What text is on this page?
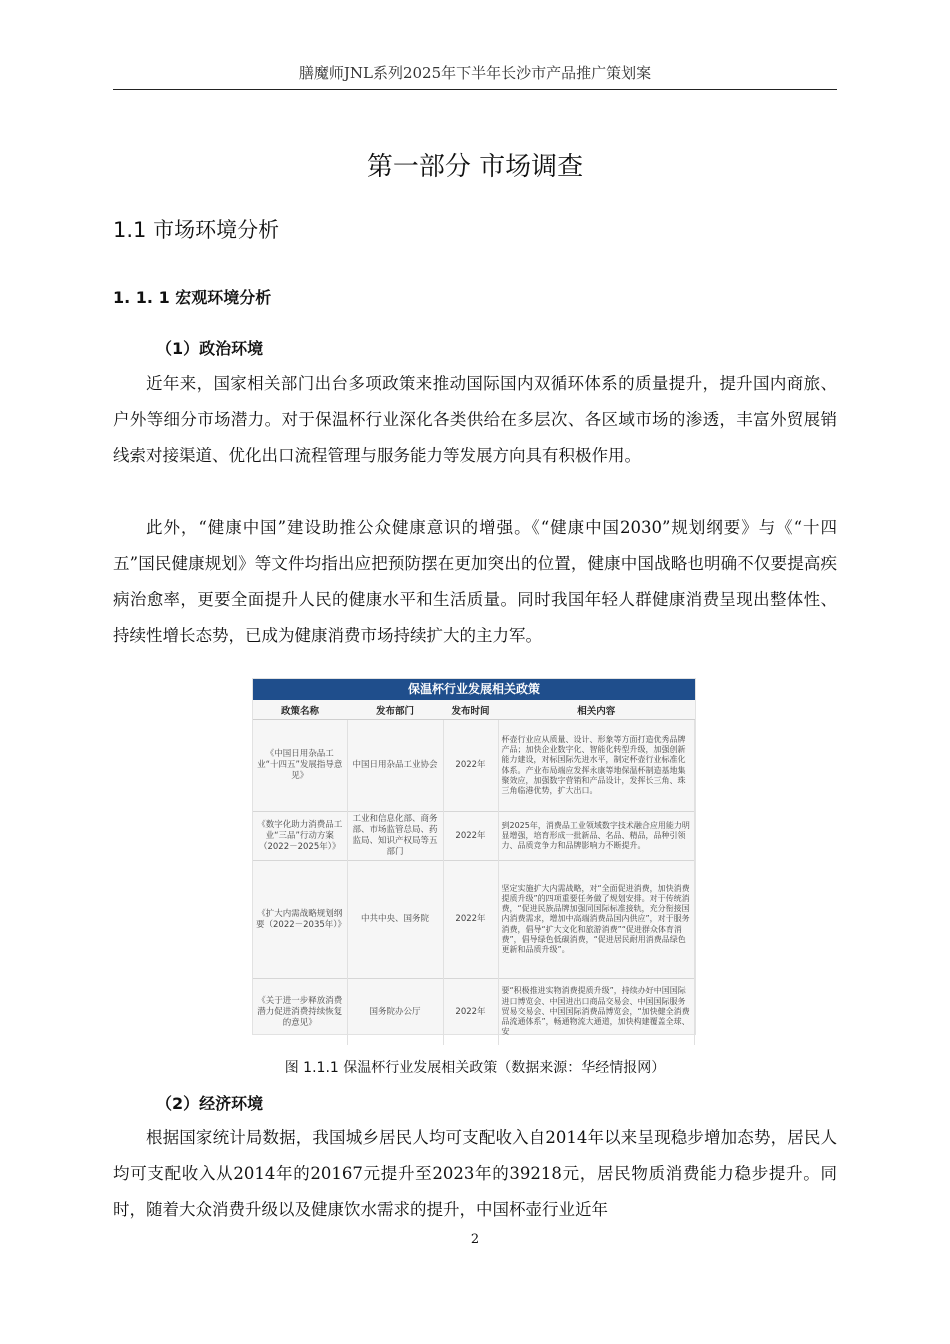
膳魔师JNL系列2025年下半年长沙市产品推广策划案
第一部分 市场调查
1.1 市场环境分析
1. 1. 1 宏观环境分析
（1）政治环境

近年来，国家相关部门出台多项政策来推动国际国内双循环体系的质量提升，提升国内商旅、户外等细分市场潜力。对于保温杯行业深化各类供给在多层次、各区域市场的渗透，丰富外贸展销线索对接渠道、优化出口流程管理与服务能力等发展方向具有积极作用。

此外，“健康中国”建设助推公众健康意识的增强。《“健康中国2030”规划纲要》与《“十四五”国民健康规划》等文件均指出应把预防摆在更加突出的位置，健康中国战略也明确不仅要提高疾病治愈率，更要全面提升人民的健康水平和生活质量。同时我国年轻人群健康消费呈现出整体性、持续性增长态势，已成为健康消费市场持续扩大的主力军。

保温杯行业发展相关政策
政策名称	发布部门	发布时间	相关内容
《中国日用杂品工业“十四五”发展指导意见》	中国日用杂品工业协会	2022年	杯壶行业应从质量、设计、形象等方面打造优秀品牌产品；加快企业数字化、智能化转型升级，加强创新能力建设，对标国际先进水平，制定杯壶行业标准化体系。产业布局端应发挥永康等地保温杯制造基地集聚效应，加强数字营销和产品设计，发挥长三角、珠三角临港优势，扩大出口。
《数字化助力消费品工业“三品”行动方案（2022－2025年）》	工业和信息化部、商务部、市场监管总局、药监局、知识产权局等五部门	2022年	到2025年，消费品工业领域数字技术融合应用能力明显增强，培育形成一批新品、名品、精品，品种引领力、品质竞争力和品牌影响力不断提升。
《扩大内需战略规划纲要（2022－2035年）》	中共中央、国务院	2022年	坚定实施扩大内需战略，对“全面促进消费，加快消费提质升级”的四项重要任务做了规划安排。对于传统消费，“促进民族品牌加强同国际标准接轨，充分衔接国内消费需求，增加中高端消费品国内供应”，对于服务消费，倡导“扩大文化和旅游消费”“促进群众体育消费”，倡导绿色低碳消费，“促进居民耐用消费品绿色更新和品质升级”。
《关于进一步释放消费潜力促进消费持续恢复的意见》	国务院办公厅	2022年	要“积极推进实物消费提质升级”，持续办好中国国际进口博览会、中国进出口商品交易会、中国国际服务贸易交易会、中国国际消费品博览会，“加快健全消费品流通体系”，畅通物流大通道，加快构建覆盖全球、安
图 1.1.1 保温杯行业发展相关政策（数据来源：华经情报网）
（2）经济环境

根据国家统计局数据，我国城乡居民人均可支配收入自2014年以来呈现稳步增加态势，居民人均可支配收入从2014年的20167元提升至2023年的39218元，居民物质消费能力稳步提升。同时，随着大众消费升级以及健康饮水需求的提升，中国杯壶行业近年

2
